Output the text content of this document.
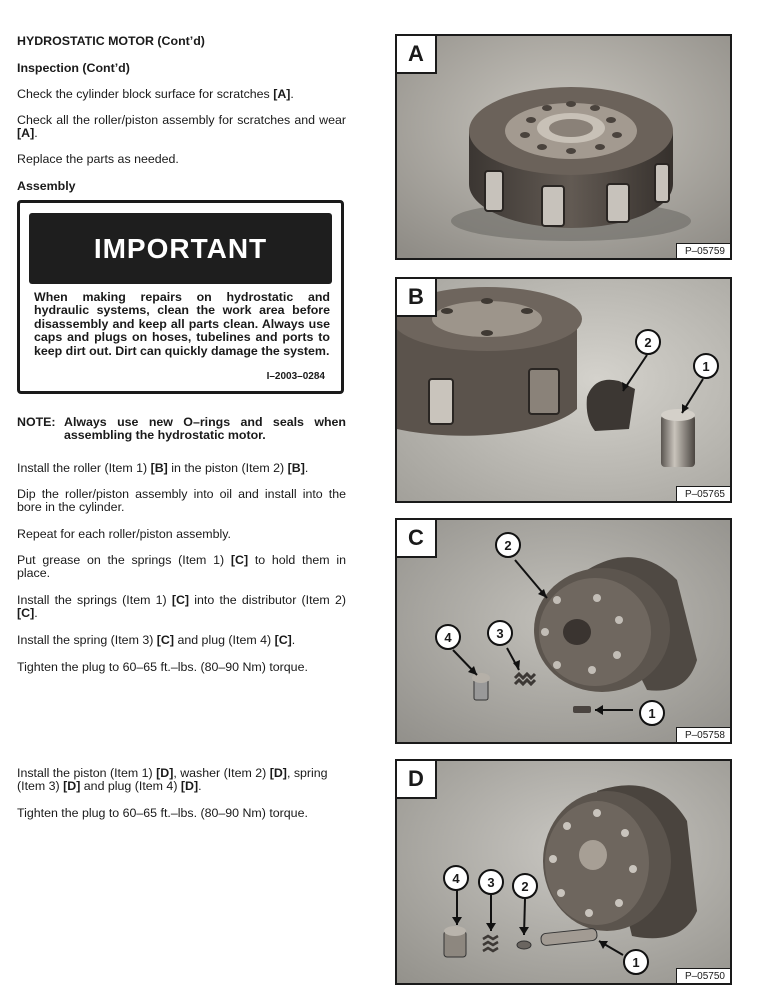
HYDROSTATIC MOTOR (Cont’d)
Inspection (Cont’d)
Check the cylinder block surface for scratches [A].
Check all the roller/piston assembly for scratches and wear [A].
Replace the parts as needed.
Assembly
IMPORTANT
When making repairs on hydrostatic and hydraulic systems, clean the work area before disassembly and keep all parts clean. Always use caps and plugs on hoses, tubelines and ports to keep dirt out. Dirt can quickly damage the system.
I–2003–0284
NOTE: Always use new O–rings and seals when assembling the hydrostatic motor.
Install the roller (Item 1) [B] in the piston (Item 2) [B].
Dip the roller/piston assembly into oil and install into the bore in the cylinder.
Repeat for each roller/piston assembly.
Put grease on the springs (Item 1) [C] to hold them in place.
Install the springs (Item 1) [C] into the distributor (Item 2) [C].
Install the spring (Item 3) [C] and plug (Item 4) [C].
Tighten the plug to 60–65 ft.–lbs. (80–90 Nm) torque.
Install the piston (Item 1) [D], washer (Item 2) [D], spring (Item 3) [D] and plug (Item 4) [D].
Tighten the plug to 60–65 ft.–lbs. (80–90 Nm) torque.
A
P–05759
B
2
1
P–05765
C	2
4	3
1
P–05758
D
4	3	2
1
P–05750
